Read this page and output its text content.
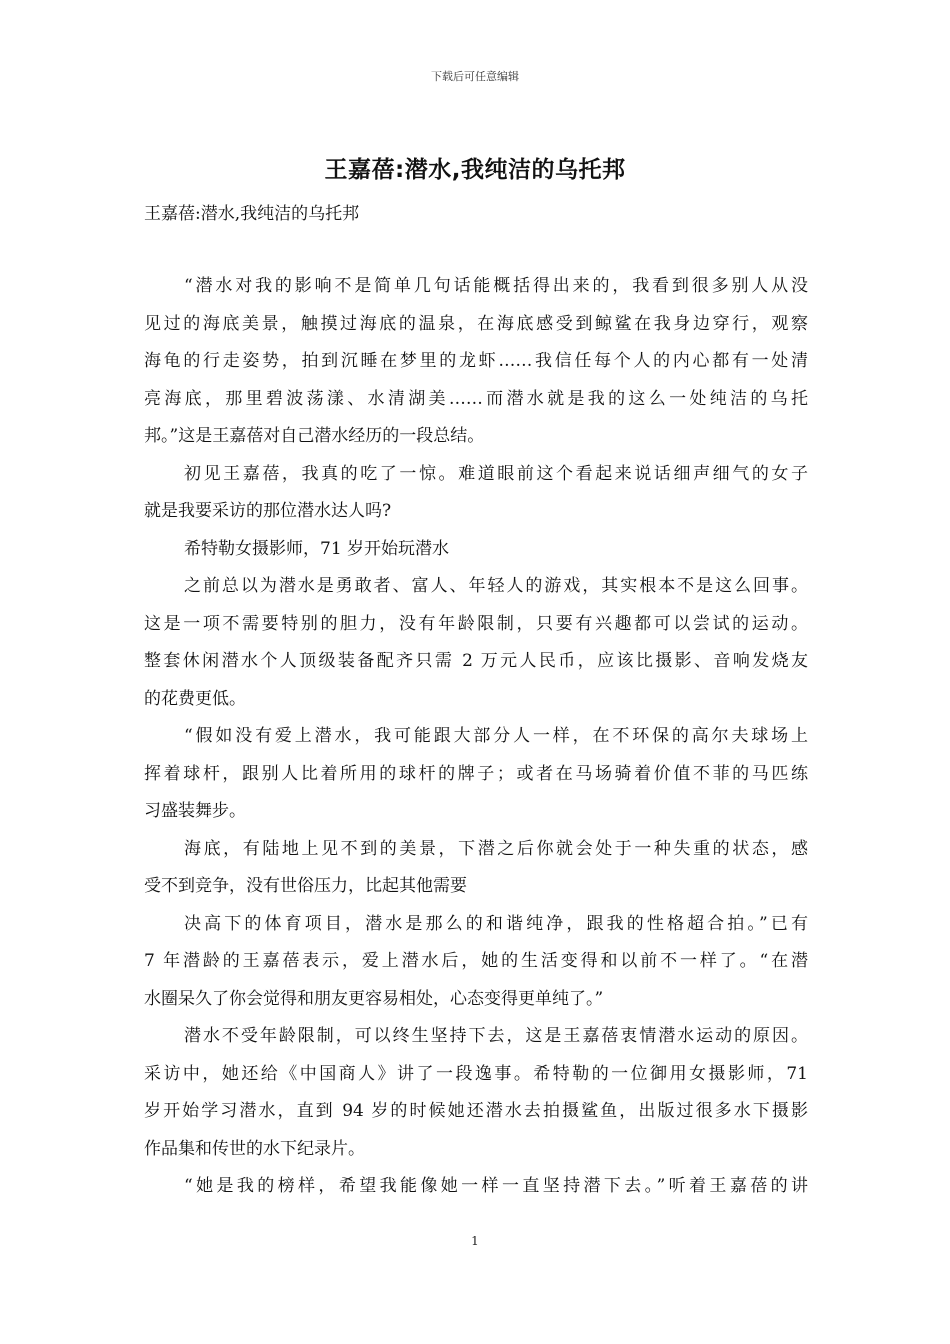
下载后可任意编辑
王嘉蓓:潜水,我纯洁的乌托邦
王嘉蓓:潜水,我纯洁的乌托邦
“潜水对我的影响不是简单几句话能概括得出来的，我看到很多别人从没
见过的海底美景，触摸过海底的温泉，在海底感受到鲸鲨在我身边穿行，观察
海龟的行走姿势，拍到沉睡在梦里的龙虾……我信任每个人的内心都有一处清
亮海底，那里碧波荡漾、水清湖美……而潜水就是我的这么一处纯洁的乌托
邦。”这是王嘉蓓对自己潜水经历的一段总结。
初见王嘉蓓，我真的吃了一惊。难道眼前这个看起来说话细声细气的女子
就是我要采访的那位潜水达人吗?
希特勒女摄影师，71 岁开始玩潜水
之前总以为潜水是勇敢者、富人、年轻人的游戏，其实根本不是这么回事。
这是一项不需要特别的胆力，没有年龄限制，只要有兴趣都可以尝试的运动。
整套休闲潜水个人顶级装备配齐只需 2 万元人民币，应该比摄影、音响发烧友
的花费更低。
“假如没有爱上潜水，我可能跟大部分人一样，在不环保的高尔夫球场上
挥着球杆，跟别人比着所用的球杆的牌子；或者在马场骑着价值不菲的马匹练
习盛装舞步。
海底，有陆地上见不到的美景，下潜之后你就会处于一种失重的状态，感
受不到竞争，没有世俗压力，比起其他需要
决高下的体育项目，潜水是那么的和谐纯净，跟我的性格超合拍。”已有
7 年潜龄的王嘉蓓表示，爱上潜水后，她的生活变得和以前不一样了。“在潜
水圈呆久了你会觉得和朋友更容易相处，心态变得更单纯了。”
潜水不受年龄限制，可以终生坚持下去，这是王嘉蓓衷情潜水运动的原因。
采访中，她还给《中国商人》讲了一段逸事。希特勒的一位御用女摄影师，71
岁开始学习潜水，直到 94 岁的时候她还潜水去拍摄鲨鱼，出版过很多水下摄影
作品集和传世的水下纪录片。
“她是我的榜样，希望我能像她一样一直坚持潜下去。”听着王嘉蓓的讲
1
